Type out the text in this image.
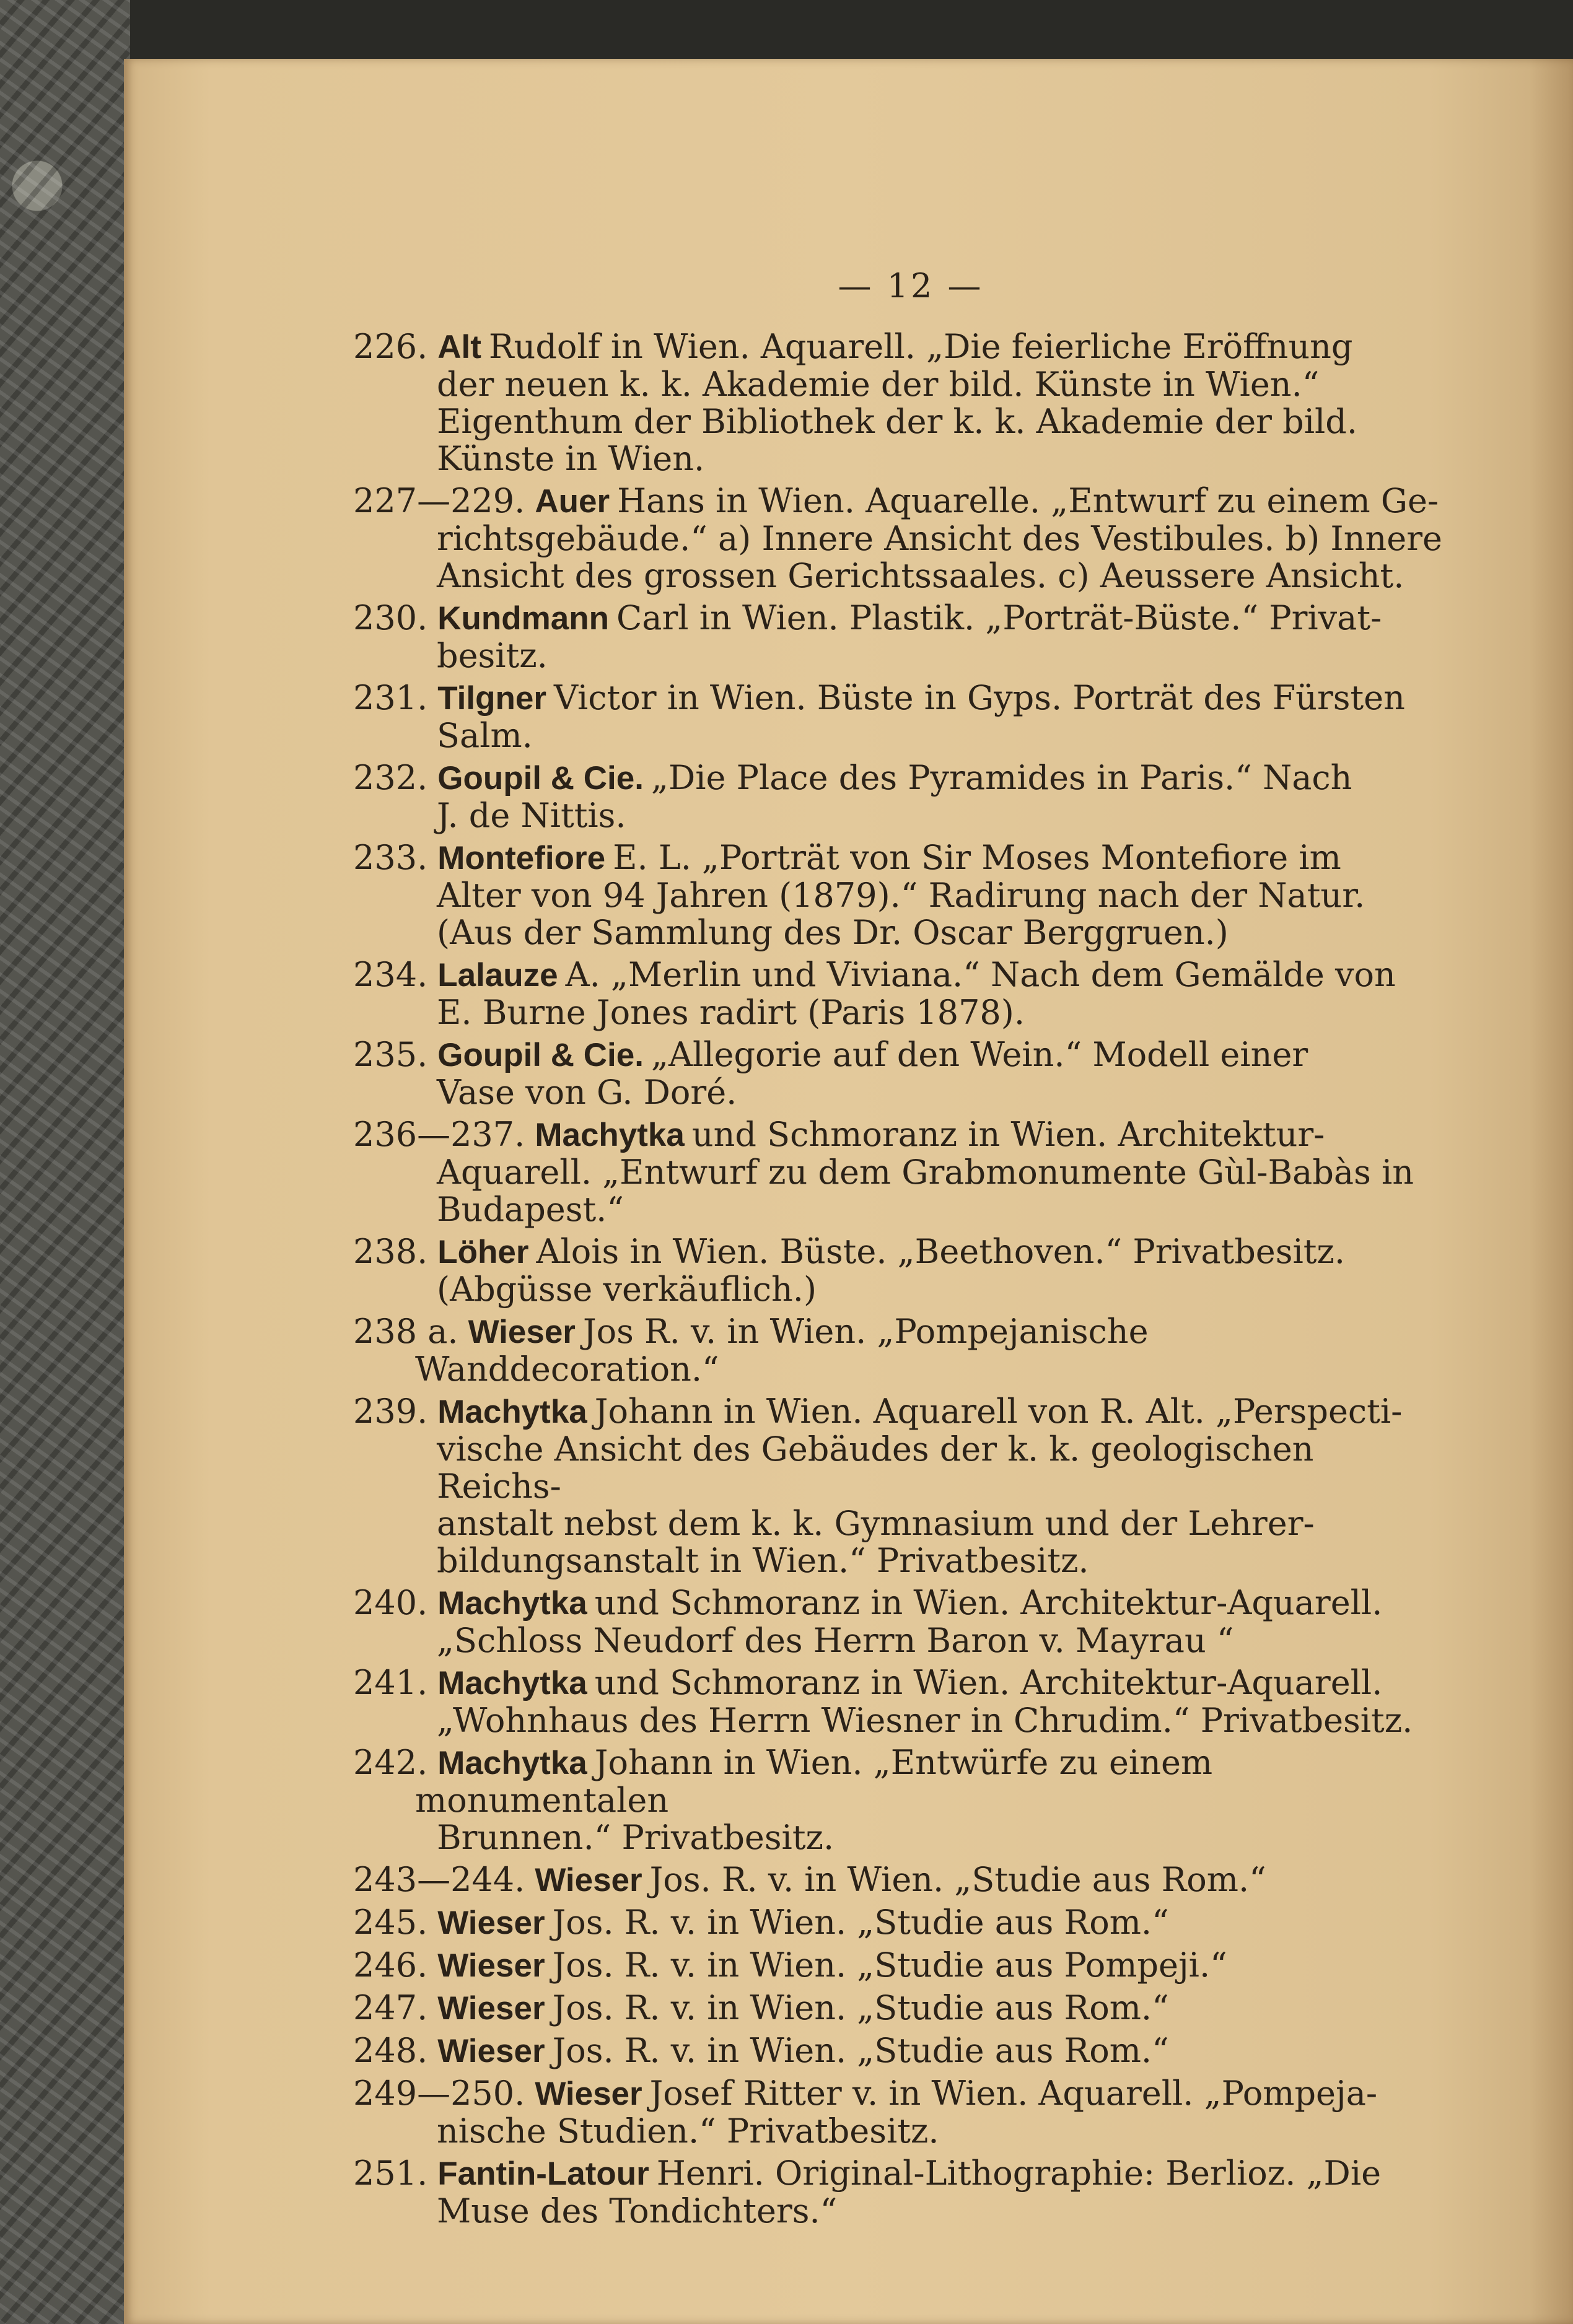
— 12 —
226. Alt Rudolf in Wien. Aquarell. „Die feierliche Eröffnung
der neuen k. k. Akademie der bild. Künste in Wien.“
Eigenthum der Bibliothek der k. k. Akademie der bild.
Künste in Wien.
227—229. Auer Hans in Wien. Aquarelle. „Entwurf zu einem Ge-
richtsgebäude.“ a) Innere Ansicht des Vestibules. b) Innere
Ansicht des grossen Gerichtssaales. c) Aeussere Ansicht.
230. Kundmann Carl in Wien. Plastik. „Porträt-Büste.“ Privat-
besitz.
231. Tilgner Victor in Wien. Büste in Gyps. Porträt des Fürsten
Salm.
232. Goupil & Cie. „Die Place des Pyramides in Paris.“ Nach
J. de Nittis.
233. Montefiore E. L. „Porträt von Sir Moses Montefiore im
Alter von 94 Jahren (1879).“ Radirung nach der Natur.
(Aus der Sammlung des Dr. Oscar Berggruen.)
234. Lalauze A. „Merlin und Viviana.“ Nach dem Gemälde von
E. Burne Jones radirt (Paris 1878).
235. Goupil & Cie. „Allegorie auf den Wein.“ Modell einer
Vase von G. Doré.
236—237. Machytka und Schmoranz in Wien. Architektur-
Aquarell. „Entwurf zu dem Grabmonumente Gùl-Babàs in
Budapest.“
238. Löher Alois in Wien. Büste. „Beethoven.“ Privatbesitz.
(Abgüsse verkäuflich.)
238 a. Wieser Jos R. v. in Wien. „Pompejanische Wanddecoration.“
239. Machytka Johann in Wien. Aquarell von R. Alt. „Perspecti-
vische Ansicht des Gebäudes der k. k. geologischen Reichs-
anstalt nebst dem k. k. Gymnasium und der Lehrer-
bildungsanstalt in Wien.“ Privatbesitz.
240. Machytka und Schmoranz in Wien. Architektur-Aquarell.
„Schloss Neudorf des Herrn Baron v. Mayrau “
241. Machytka und Schmoranz in Wien. Architektur-Aquarell.
„Wohnhaus des Herrn Wiesner in Chrudim.“ Privatbesitz.
242. Machytka Johann in Wien. „Entwürfe zu einem monumentalen
Brunnen.“ Privatbesitz.
243—244. Wieser Jos. R. v. in Wien. „Studie aus Rom.“
245. Wieser Jos. R. v. in Wien. „Studie aus Rom.“
246. Wieser Jos. R. v. in Wien. „Studie aus Pompeji.“
247. Wieser Jos. R. v. in Wien. „Studie aus Rom.“
248. Wieser Jos. R. v. in Wien. „Studie aus Rom.“
249—250. Wieser Josef Ritter v. in Wien. Aquarell. „Pompeja-
nische Studien.“ Privatbesitz.
251. Fantin-Latour Henri. Original-Lithographie: Berlioz. „Die
Muse des Tondichters.“
